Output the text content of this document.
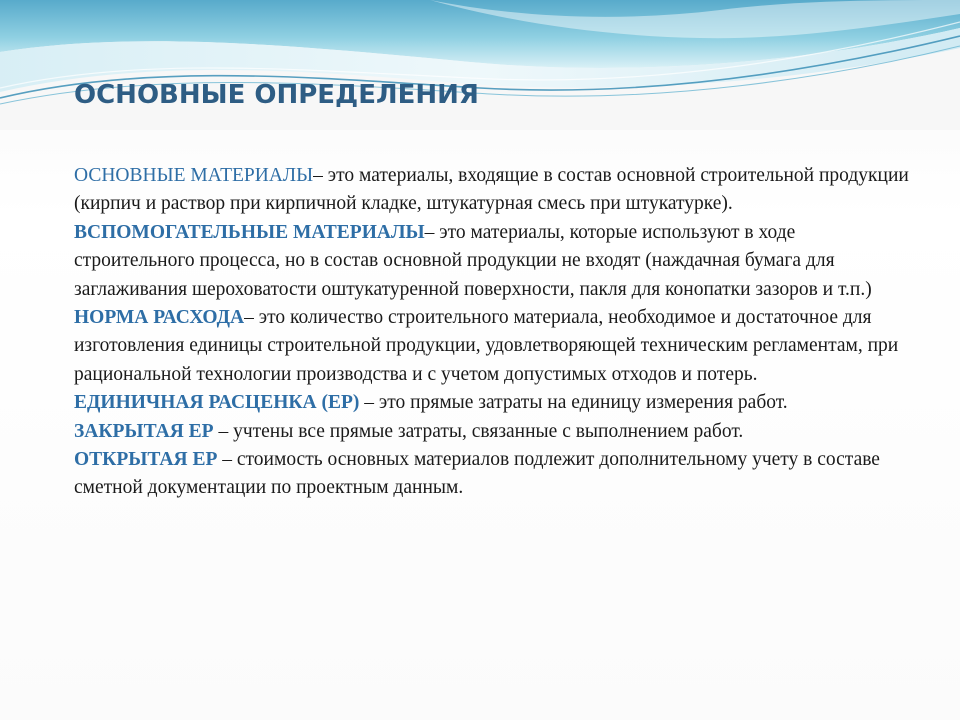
ОСНОВНЫЕ ОПРЕДЕЛЕНИЯ

ОСНОВНЫЕ МАТЕРИАЛЫ– это материалы, входящие в состав основной строительной продукции (кирпич и раствор при кирпичной кладке, штукатурная смесь при штукатурке).

ВСПОМОГАТЕЛЬНЫЕ МАТЕРИАЛЫ– это материалы, которые используют в ходе строительного процесса, но в состав основной продукции не входят (наждачная бумага для заглаживания шероховатости оштукатуренной поверхности, пакля для конопатки зазоров и т.п.)

НОРМА РАСХОДА– это количество строительного материала, необходимое и достаточное для изготовления единицы строительной продукции, удовлетворяющей техническим регламентам, при рациональной технологии производства и с учетом допустимых отходов и потерь.

ЕДИНИЧНАЯ РАСЦЕНКА (ЕР) – это прямые затраты на единицу измерения работ.

ЗАКРЫТАЯ ЕР – учтены все прямые затраты, связанные с выполнением работ.

ОТКРЫТАЯ ЕР – стоимость основных материалов подлежит дополнительному учету в составе сметной документации по проектным данным.
